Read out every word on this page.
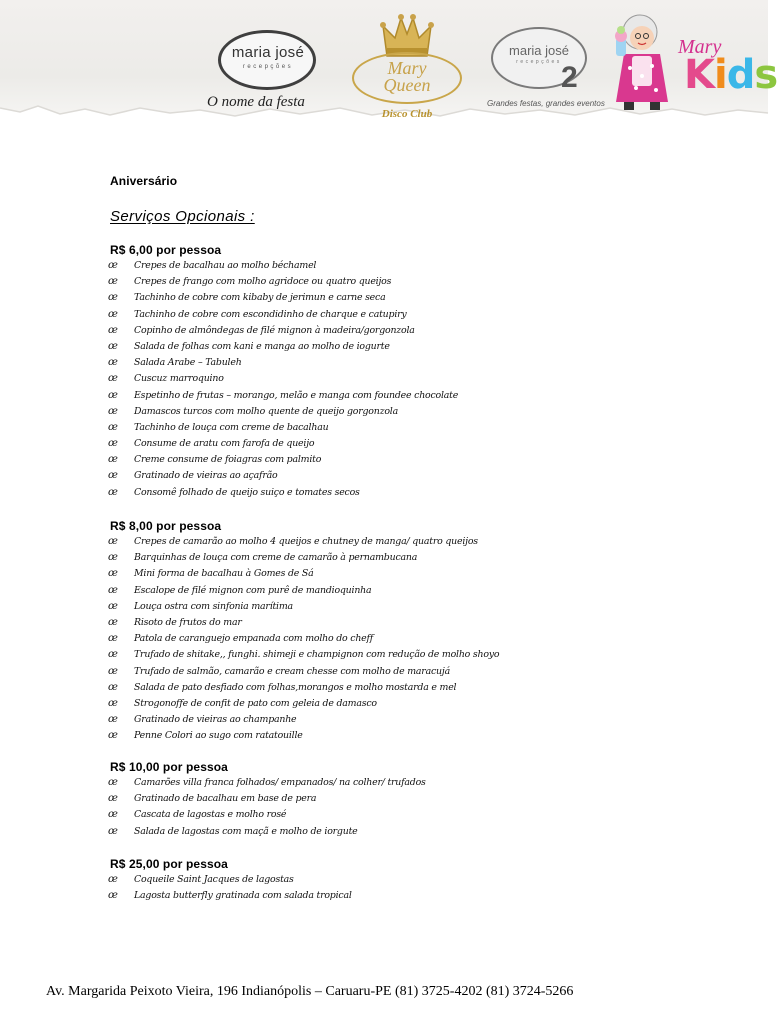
maria josé
recepções
O nome da festa
Mary
Queen
Disco Club
maria josé
recepções 2
Grandes festas, grandes eventos
Mary
Kids
Aniversário
Serviços Opcionais :
R$ 6,00 por pessoa
œ	Crepes de bacalhau ao molho béchamel
œ	Crepes de frango com molho agridoce ou quatro queijos
œ	Tachinho de cobre com kibaby de jerimun e carne seca
œ	Tachinho de cobre com escondidinho de charque e catupiry
œ	Copinho de almôndegas de filé mignon à madeira/gorgonzola
œ	Salada de folhas com kani e manga ao molho de iogurte
œ	Salada Arabe – Tabuleh
œ	Cuscuz marroquino
œ	Espetinho de frutas – morango, melão e manga com foundee chocolate
œ	Damascos turcos com molho quente de queijo gorgonzola
œ	Tachinho de louça com creme de bacalhau
œ	Consume de aratu com farofa de queijo
œ	Creme consume de foiagras com palmito
œ	Gratinado de vieiras ao açafrão
œ	Consomê folhado de queijo suiço e tomates secos
R$ 8,00 por pessoa
œ	Crepes de camarão ao molho 4 queijos e chutney de manga/ quatro queijos
œ	Barquinhas de louça com creme de camarão à pernambucana
œ	Mini forma de bacalhau à Gomes de Sá
œ	Escalope de filé mignon com purê de mandioquinha
œ	Louça ostra com sinfonia marítima
œ	Risoto de frutos do mar
œ	Patola de caranguejo empanada com molho do cheff
œ	Trufado de shitake,, funghi. shimeji e champignon com redução de molho shoyo
œ	Trufado de salmão, camarão e cream chesse com molho de maracujá
œ	Salada de pato desfiado com folhas,morangos e molho mostarda e mel
œ	Strogonoffe de confit de pato com geleia de damasco
œ	Gratinado de vieiras ao champanhe
œ	Penne Colori ao sugo com ratatouille
R$ 10,00 por pessoa
œ	Camarões villa franca folhados/ empanados/ na colher/ trufados
œ	Gratinado de bacalhau em base de pera
œ	Cascata de lagostas e molho rosé
œ	Salada de lagostas com maçã e molho de iorgute
R$ 25,00 por pessoa
œ	Coqueile Saint Jacques de lagostas
œ	Lagosta butterfly gratinada com salada tropical
Av. Margarida Peixoto Vieira, 196 Indianópolis – Caruaru-PE (81) 3725-4202 (81) 3724-5266
